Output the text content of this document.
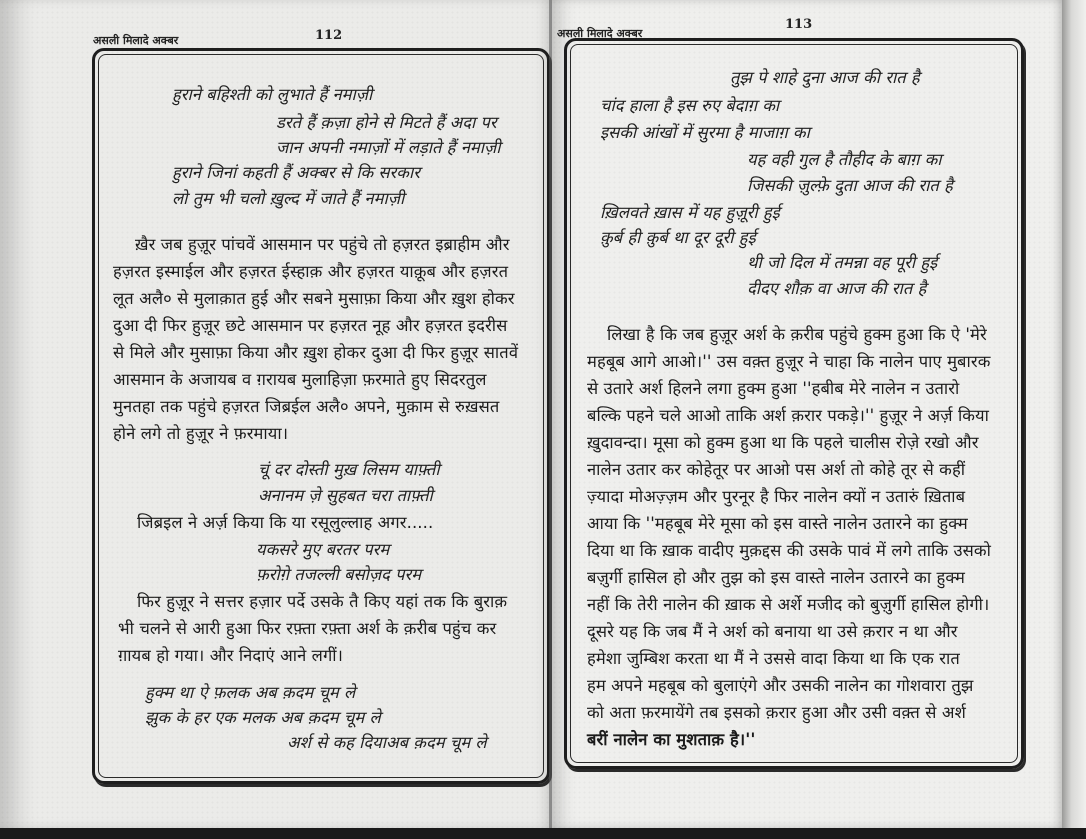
असली मिलादे अक्बर	112
हुराने बहिश्ती को लुभाते हैं नमाज़ी
डरते हैं क़ज़ा होने से मिटते हैं अदा पर
जान अपनी नमाज़ों में लड़ाते हैं नमाज़ी
हुराने जिनां कहती हैं अक्बर से कि सरकार
लो तुम भी चलो ख़ुल्द में जाते हैं नमाज़ी
ख़ैर जब हुज़ूर पांचवें आसमान पर पहुंचे तो हज़रत इब्राहीम और
हज़रत इस्माईल और हज़रत ईस्हाक़ और हज़रत याक़ूब और हज़रत
लूत अलै० से मुलाक़ात हुई और सबने मुसाफ़ा किया और ख़ुश होकर
दुआ दी फिर हुज़ूर छटे आसमान पर हज़रत नूह और हज़रत इदरीस
से मिले और मुसाफ़ा किया और ख़ुश होकर दुआ दी फिर हुज़ूर सातवें
आसमान के अजायब व ग़रायब मुलाहिज़ा फ़रमाते हुए सिदरतुल
मुनतहा तक पहुंचे हज़रत जिब्रईल अलै० अपने, मुक़ाम से रुख़सत
होने लगे तो हुज़ूर ने फ़रमाया।
चूं दर दोस्ती मुख़ लिसम याफ़्ती
अनानम ज़े सुहबत चरा ताफ़्ती
जिब्रइल ने अर्ज़ किया कि या रसूलुल्लाह अगर.....
यकसरे मुए बरतर परम
फ़रोग़े तजल्ली बसोज़द परम
फिर हुज़ूर ने सत्तर हज़ार पर्दे उसके तै किए यहां तक कि बुराक़
भी चलने से आरी हुआ फिर रफ़्ता रफ़्ता अर्श के क़रीब पहुंच कर
ग़ायब हो गया। और निदाएं आने लगीं।
हुक्म था ऐ फ़लक अब क़दम चूम ले
झुक के हर एक मलक अब क़दम चूम ले
अर्श से कह दियाअब क़दम चूम ले
असली मिलादे अक्बर
113
तुझ पे शाहे दुना आज की रात है
चांद हाला है इस रुए बेदाग़ का
इसकी आंखों में सुरमा है माजाग़ का
यह वही गुल है तौहीद के बाग़ का
जिसकी ज़ुल्फ़े दुता आज की रात है
ख़िलवते ख़ास में यह हुज़ूरी हुई
क़ुर्ब ही क़ुर्ब था दूर दूरी हुई
थी जो दिल में तमन्ना वह पूरी हुई
दीदए शौक़ वा आज की रात है
लिखा है कि जब हुज़ूर अर्श के क़रीब पहुंचे हुक्म हुआ कि ऐ 'मेरे
महबूब आगे आओ।'' उस वक़्त हुज़ूर ने चाहा कि नालेन पाए मुबारक
से उतारे अर्श हिलने लगा हुक्म हुआ ''हबीब मेरे नालेन न उतारो
बल्कि पहने चले आओ ताकि अर्श क़रार पकड़े।'' हुज़ूर ने अर्ज़ किया
ख़ुदावन्दा। मूसा को हुक्म हुआ था कि पहले चालीस रोज़े रखो और
नालेन उतार कर कोहेतूर पर आओ पस अर्श तो कोहे तूर से कहीं
ज़्यादा मोअज़्ज़म और पुरनूर है फिर नालेन क्यों न उतारुं ख़िताब
आया कि ''महबूब मेरे मूसा को इस वास्ते नालेन उतारने का हुक्म
दिया था कि ख़ाक वादीए मुक़द्दस की उसके पावं में लगे ताकि उसको
बज़ुर्गी हासिल हो और तुझ को इस वास्ते नालेन उतारने का हुक्म
नहीं कि तेरी नालेन की ख़ाक से अर्शे मजीद को बुज़ुर्गी हासिल होगी।
दूसरे यह कि जब मैं ने अर्श को बनाया था उसे क़रार न था और
हमेशा जुम्बिश करता था मैं ने उससे वादा किया था कि एक रात
हम अपने महबूब को बुलाएंगे और उसकी नालेन का गोशवारा तुझ
को अता फ़रमायेंगे तब इसको क़रार हुआ और उसी वक़्त से अर्श
बरीं नालेन का मुशताक़ है।''
